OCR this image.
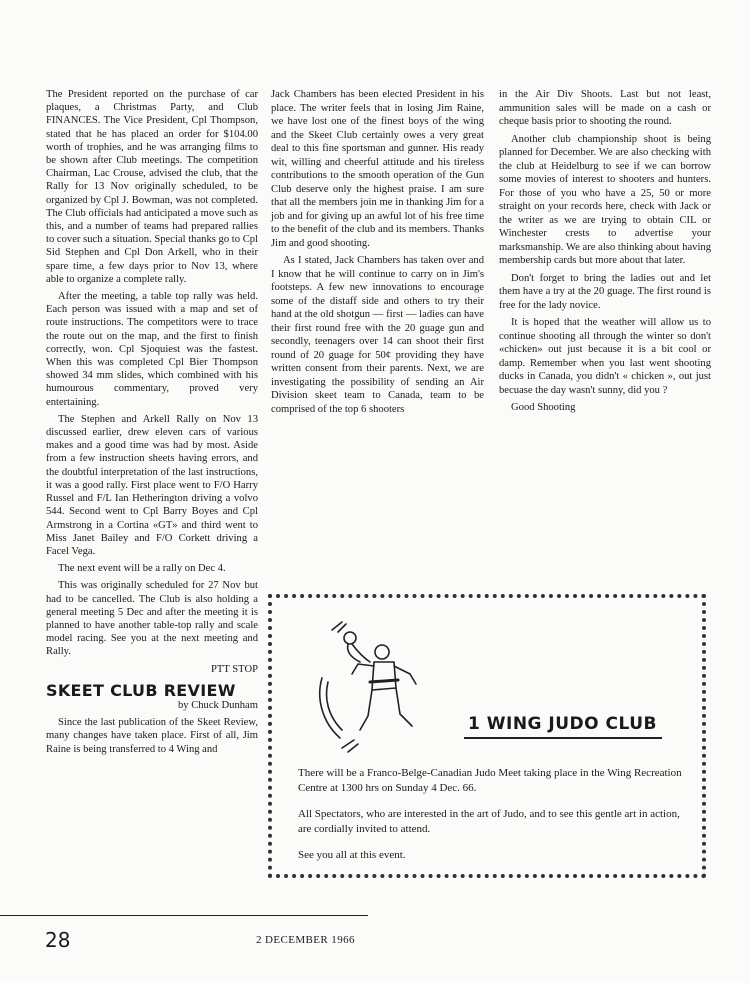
The President reported on the purchase of car plaques, a Christmas Party, and Club FINANCES. The Vice President, Cpl Thompson, stated that he has placed an order for $104.00 worth of trophies, and he was arranging films to be shown after Club meetings. The competition Chairman, Lac Crouse, advised the club, that the Rally for 13 Nov originally scheduled, to be organized by Cpl J. Bowman, was not completed. The Club officials had anticipated a move such as this, and a number of teams had prepared rallies to cover such a situation. Special thanks go to Cpl Sid Stephen and Cpl Don Arkell, who in their spare time, a few days prior to Nov 13, where able to organize a complete rally.

After the meeting, a table top rally was held. Each person was issued with a map and set of route instructions. The competitors were to trace the route out on the map, and the first to finish correctly, won. Cpl Sjoquiest was the fastest. When this was completed Cpl Bier Thompson showed 34 mm slides, which combined with his humourous commentary, proved very entertaining.

The Stephen and Arkell Rally on Nov 13 discussed earlier, drew eleven cars of various makes and a good time was had by most. Aside from a few instruction sheets having errors, and the doubtful interpretation of the last instructions, it was a good rally. First place went to F/O Harry Russel and F/L Ian Hetherington driving a volvo 544. Second went to Cpl Barry Boyes and Cpl Armstrong in a Cortina «GT» and third went to Miss Janet Bailey and F/O Corkett driving a Facel Vega.

The next event will be a rally on Dec 4.

This was originally scheduled for 27 Nov but had to be cancelled. The Club is also holding a general meeting 5 Dec and after the meeting it is planned to have another table-top rally and scale model racing. See you at the next meeting and Rally.

PTT STOP

SKEET CLUB REVIEW

by Chuck Dunham

Since the last publication of the Skeet Review, many changes have taken place. First of all, Jim Raine is being transferred to 4 Wing and

Jack Chambers has been elected President in his place. The writer feels that in losing Jim Raine, we have lost one of the finest boys of the wing and the Skeet Club certainly owes a very great deal to this fine sportsman and gunner. His ready wit, willing and cheerful attitude and his tireless contributions to the smooth operation of the Gun Club deserve only the highest praise. I am sure that all the members join me in thanking Jim for a job and for giving up an awful lot of his free time to the benefit of the club and its members. Thanks Jim and good shooting.

As I stated, Jack Chambers has taken over and I know that he will continue to carry on in Jim's footsteps. A few new innovations to encourage some of the distaff side and others to try their hand at the old shotgun — first — ladies can have their first round free with the 20 guage gun and secondly, teenagers over 14 can shoot their first round of 20 guage for 50¢ providing they have written consent from their parents. Next, we are investigating the possibility of sending an Air Division skeet team to Canada, team to be comprised of the top 6 shooters

in the Air Div Shoots. Last but not least, ammunition sales will be made on a cash or cheque basis prior to shooting the round.

Another club championship shoot is being planned for December. We are also checking with the club at Heidelburg to see if we can borrow some movies of interest to shooters and hunters. For those of you who have a 25, 50 or more straight on your records here, check with Jack or the writer as we are trying to obtain CIL or Winchester crests to advertise your marksmanship. We are also thinking about having membership cards but more about that later.

Don't forget to bring the ladies out and let them have a try at the 20 guage. The first round is free for the lady novice.

It is hoped that the weather will allow us to continue shooting all through the winter so don't «chicken» out just because it is a bit cool or damp. Remember when you last went shooting ducks in Canada, you didn't « chicken », out just becuase the day wasn't sunny, did you ?

Good Shooting

1 WING JUDO CLUB

There will be a Franco-Belge-Canadian Judo Meet taking place in the Wing Recreation Centre at 1300 hrs on Sunday 4 Dec. 66.

All Spectators, who are interested in the art of Judo, and to see this gentle art in action, are cordially invited to attend.

See you all at this event.

28	2 DECEMBER 1966
